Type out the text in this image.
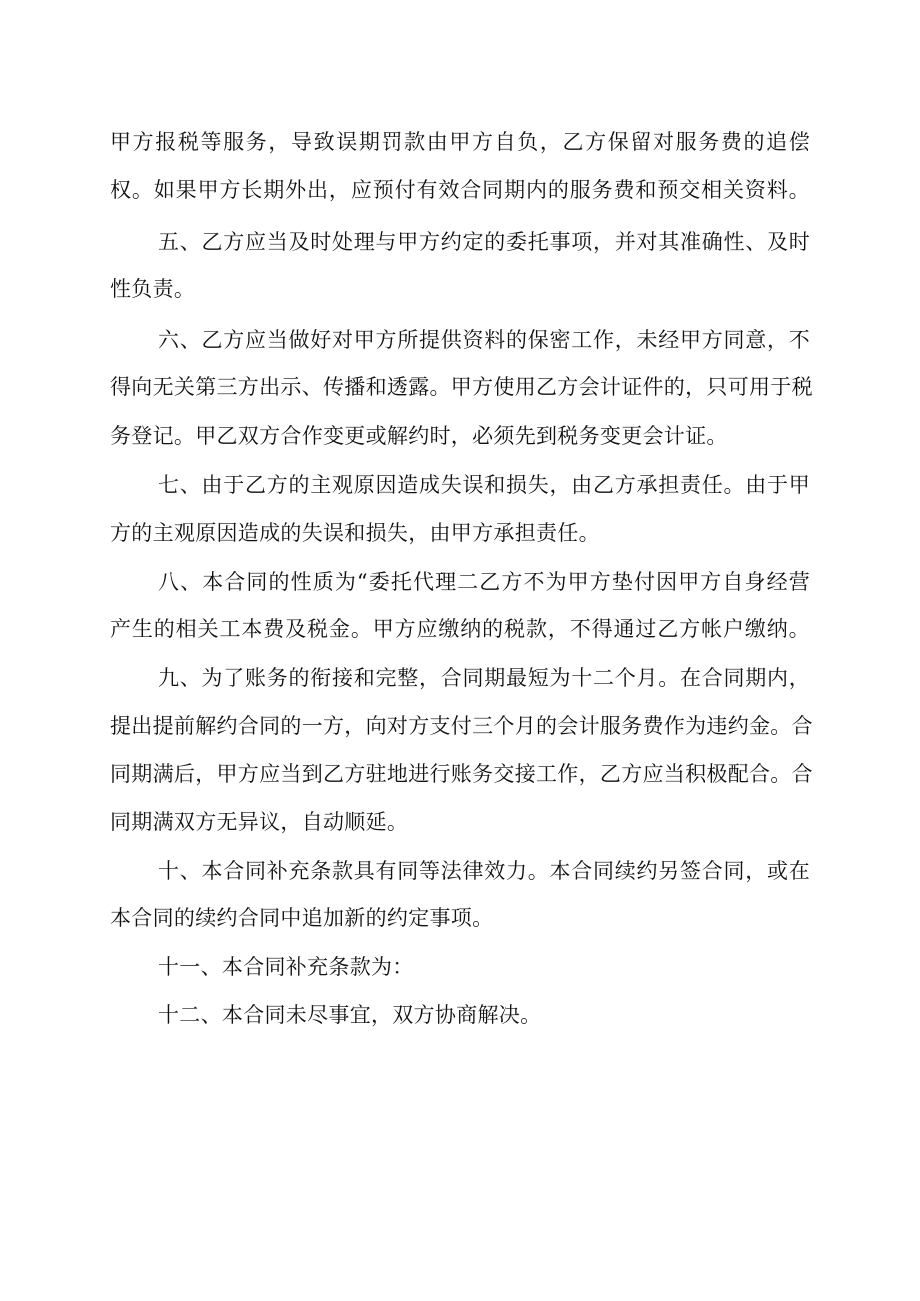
甲方报税等服务，导致误期罚款由甲方自负，乙方保留对服务费的追偿
权。如果甲方长期外出，应预付有效合同期内的服务费和预交相关资料。
五、乙方应当及时处理与甲方约定的委托事项，并对其准确性、及时
性负责。
六、乙方应当做好对甲方所提供资料的保密工作，未经甲方同意，不
得向无关第三方出示、传播和透露。甲方使用乙方会计证件的，只可用于税
务登记。甲乙双方合作变更或解约时，必须先到税务变更会计证。
七、由于乙方的主观原因造成失误和损失，由乙方承担责任。由于甲
方的主观原因造成的失误和损失，由甲方承担责任。
八、本合同的性质为“委托代理二乙方不为甲方垫付因甲方自身经营
产生的相关工本费及税金。甲方应缴纳的税款，不得通过乙方帐户缴纳。
九、为了账务的衔接和完整，合同期最短为十二个月。在合同期内，
提出提前解约合同的一方，向对方支付三个月的会计服务费作为违约金。合
同期满后，甲方应当到乙方驻地进行账务交接工作，乙方应当积极配合。合
同期满双方无异议，自动顺延。
十、本合同补充条款具有同等法律效力。本合同续约另签合同，或在
本合同的续约合同中追加新的约定事项。
十一、本合同补充条款为：
十二、本合同未尽事宜，双方协商解决。
